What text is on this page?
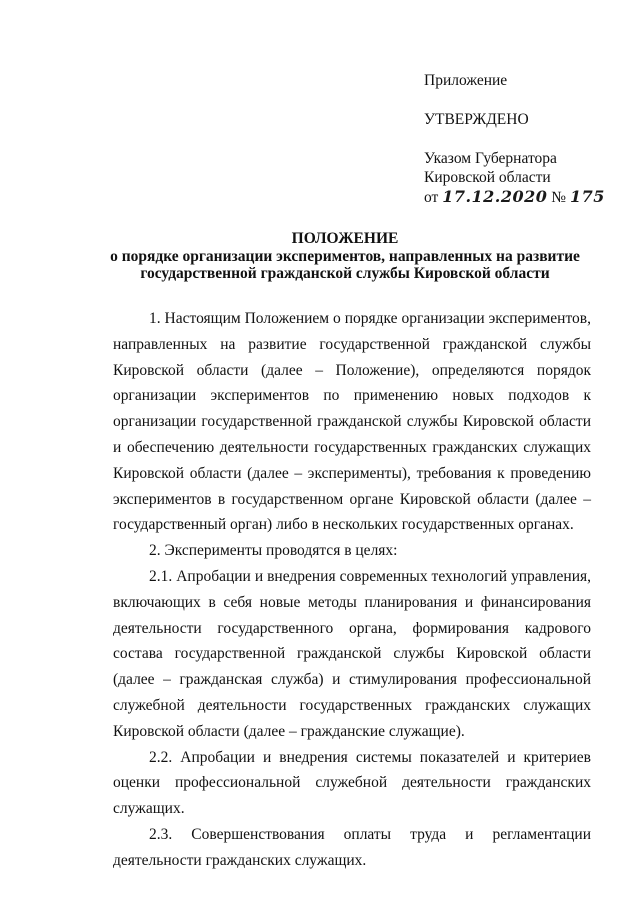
Приложение
УТВЕРЖДЕНО
Указом Губернатора
Кировской области
от 17.12.2020 № 175
ПОЛОЖЕНИЕ
о порядке организации экспериментов, направленных на развитие
государственной гражданской службы Кировской области

1. Настоящим Положением о порядке организации экспериментов, направленных на развитие государственной гражданской службы Кировской области (далее – Положение), определяются порядок организации экспериментов по применению новых подходов к организации государственной гражданской службы Кировской области и обеспечению деятельности государственных гражданских служащих Кировской области (далее – эксперименты), требования к проведению экспериментов в государственном органе Кировской области (далее – государственный орган) либо в нескольких государственных органах.

2. Эксперименты проводятся в целях:

2.1. Апробации и внедрения современных технологий управления, включающих в себя новые методы планирования и финансирования деятельности государственного органа, формирования кадрового состава государственной гражданской службы Кировской области (далее – гражданская служба) и стимулирования профессиональной служебной деятельности государственных гражданских служащих Кировской области (далее – гражданские служащие).

2.2. Апробации и внедрения системы показателей и критериев оценки профессиональной служебной деятельности гражданских служащих.

2.3. Совершенствования оплаты труда и регламентации деятельности гражданских служащих.
